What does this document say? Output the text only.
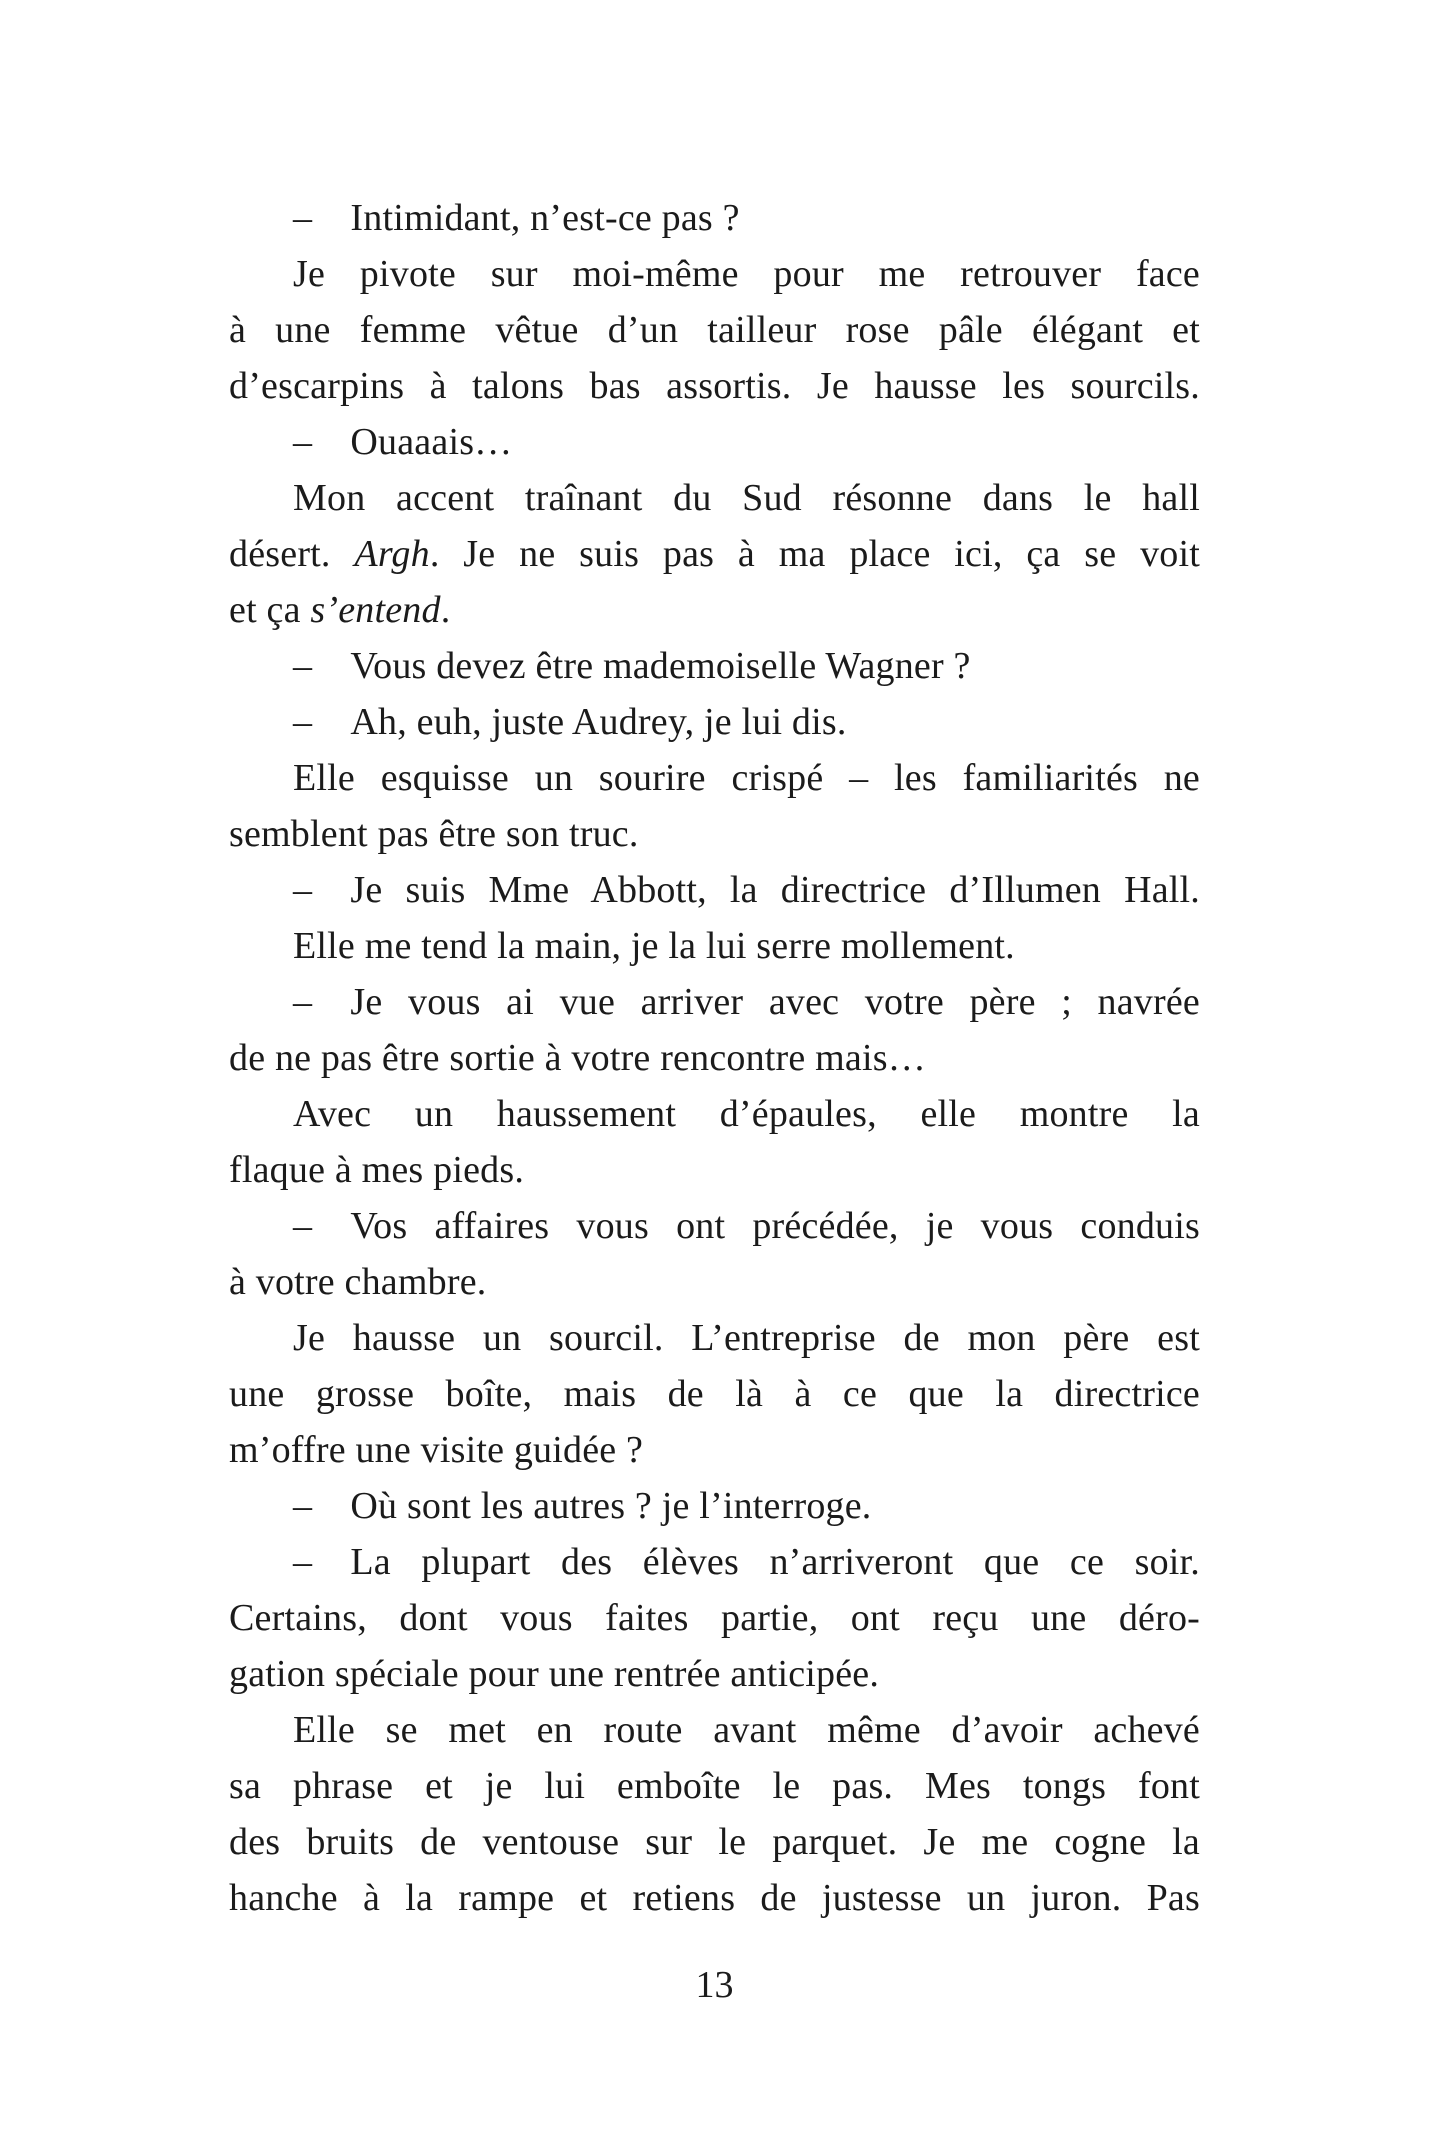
– Intimidant, n’est-ce pas ?
Je pivote sur moi-même pour me retrouver face
à une femme vêtue d’un tailleur rose pâle élégant et
d’escarpins à talons bas assortis. Je hausse les sourcils.
– Ouaaais…
Mon accent traînant du Sud résonne dans le hall
désert. Argh. Je ne suis pas à ma place ici, ça se voit
et ça s’entend.
– Vous devez être mademoiselle Wagner ?
– Ah, euh, juste Audrey, je lui dis.
Elle esquisse un sourire crispé – les familiarités ne
semblent pas être son truc.
– Je suis Mme Abbott, la directrice d’Illumen Hall.
Elle me tend la main, je la lui serre mollement.
– Je vous ai vue arriver avec votre père ; navrée
de ne pas être sortie à votre rencontre mais…
Avec un haussement d’épaules, elle montre la
flaque à mes pieds.
– Vos affaires vous ont précédée, je vous conduis
à votre chambre.
Je hausse un sourcil. L’entreprise de mon père est
une grosse boîte, mais de là à ce que la directrice
m’offre une visite guidée ?
– Où sont les autres ? je l’interroge.
– La plupart des élèves n’arriveront que ce soir.
Certains, dont vous faites partie, ont reçu une déro-
gation spéciale pour une rentrée anticipée.
Elle se met en route avant même d’avoir achevé
sa phrase et je lui emboîte le pas. Mes tongs font
des bruits de ventouse sur le parquet. Je me cogne la
hanche à la rampe et retiens de justesse un juron. Pas
13
